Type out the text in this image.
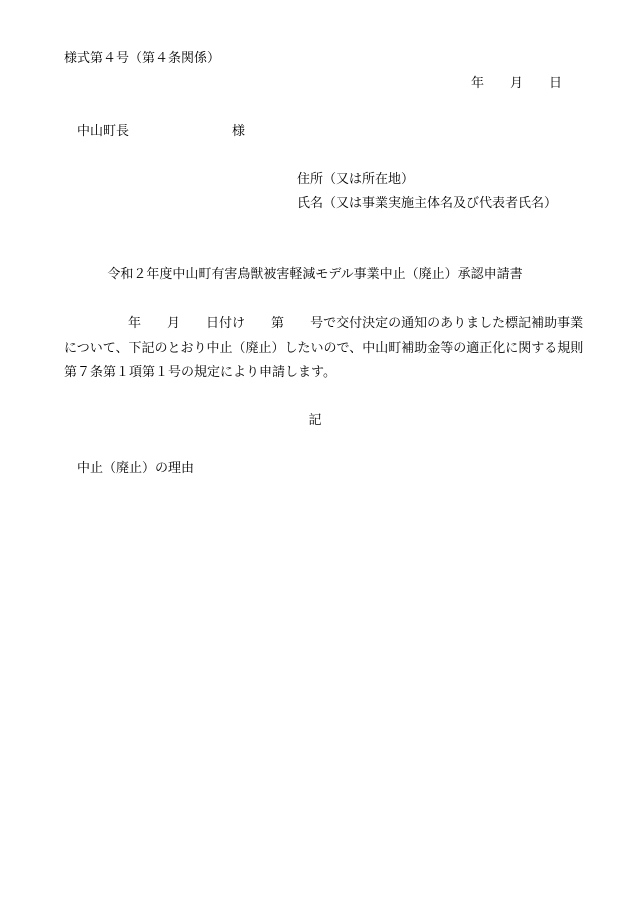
様式第４号（第４条関係）
年 月 日
中山町長	様
住所（又は所在地）
氏名（又は事業実施主体名及び代表者氏名）
令和２年度中山町有害鳥獣被害軽減モデル事業中止（廃止）承認申請書
年 月 日付け 第 号で交付決定の通知のありました標記補助事業
について、下記のとおり中止（廃止）したいので、中山町補助金等の適正化に関する規則
第７条第１項第１号の規定により申請します。
記
中止（廃止）の理由
